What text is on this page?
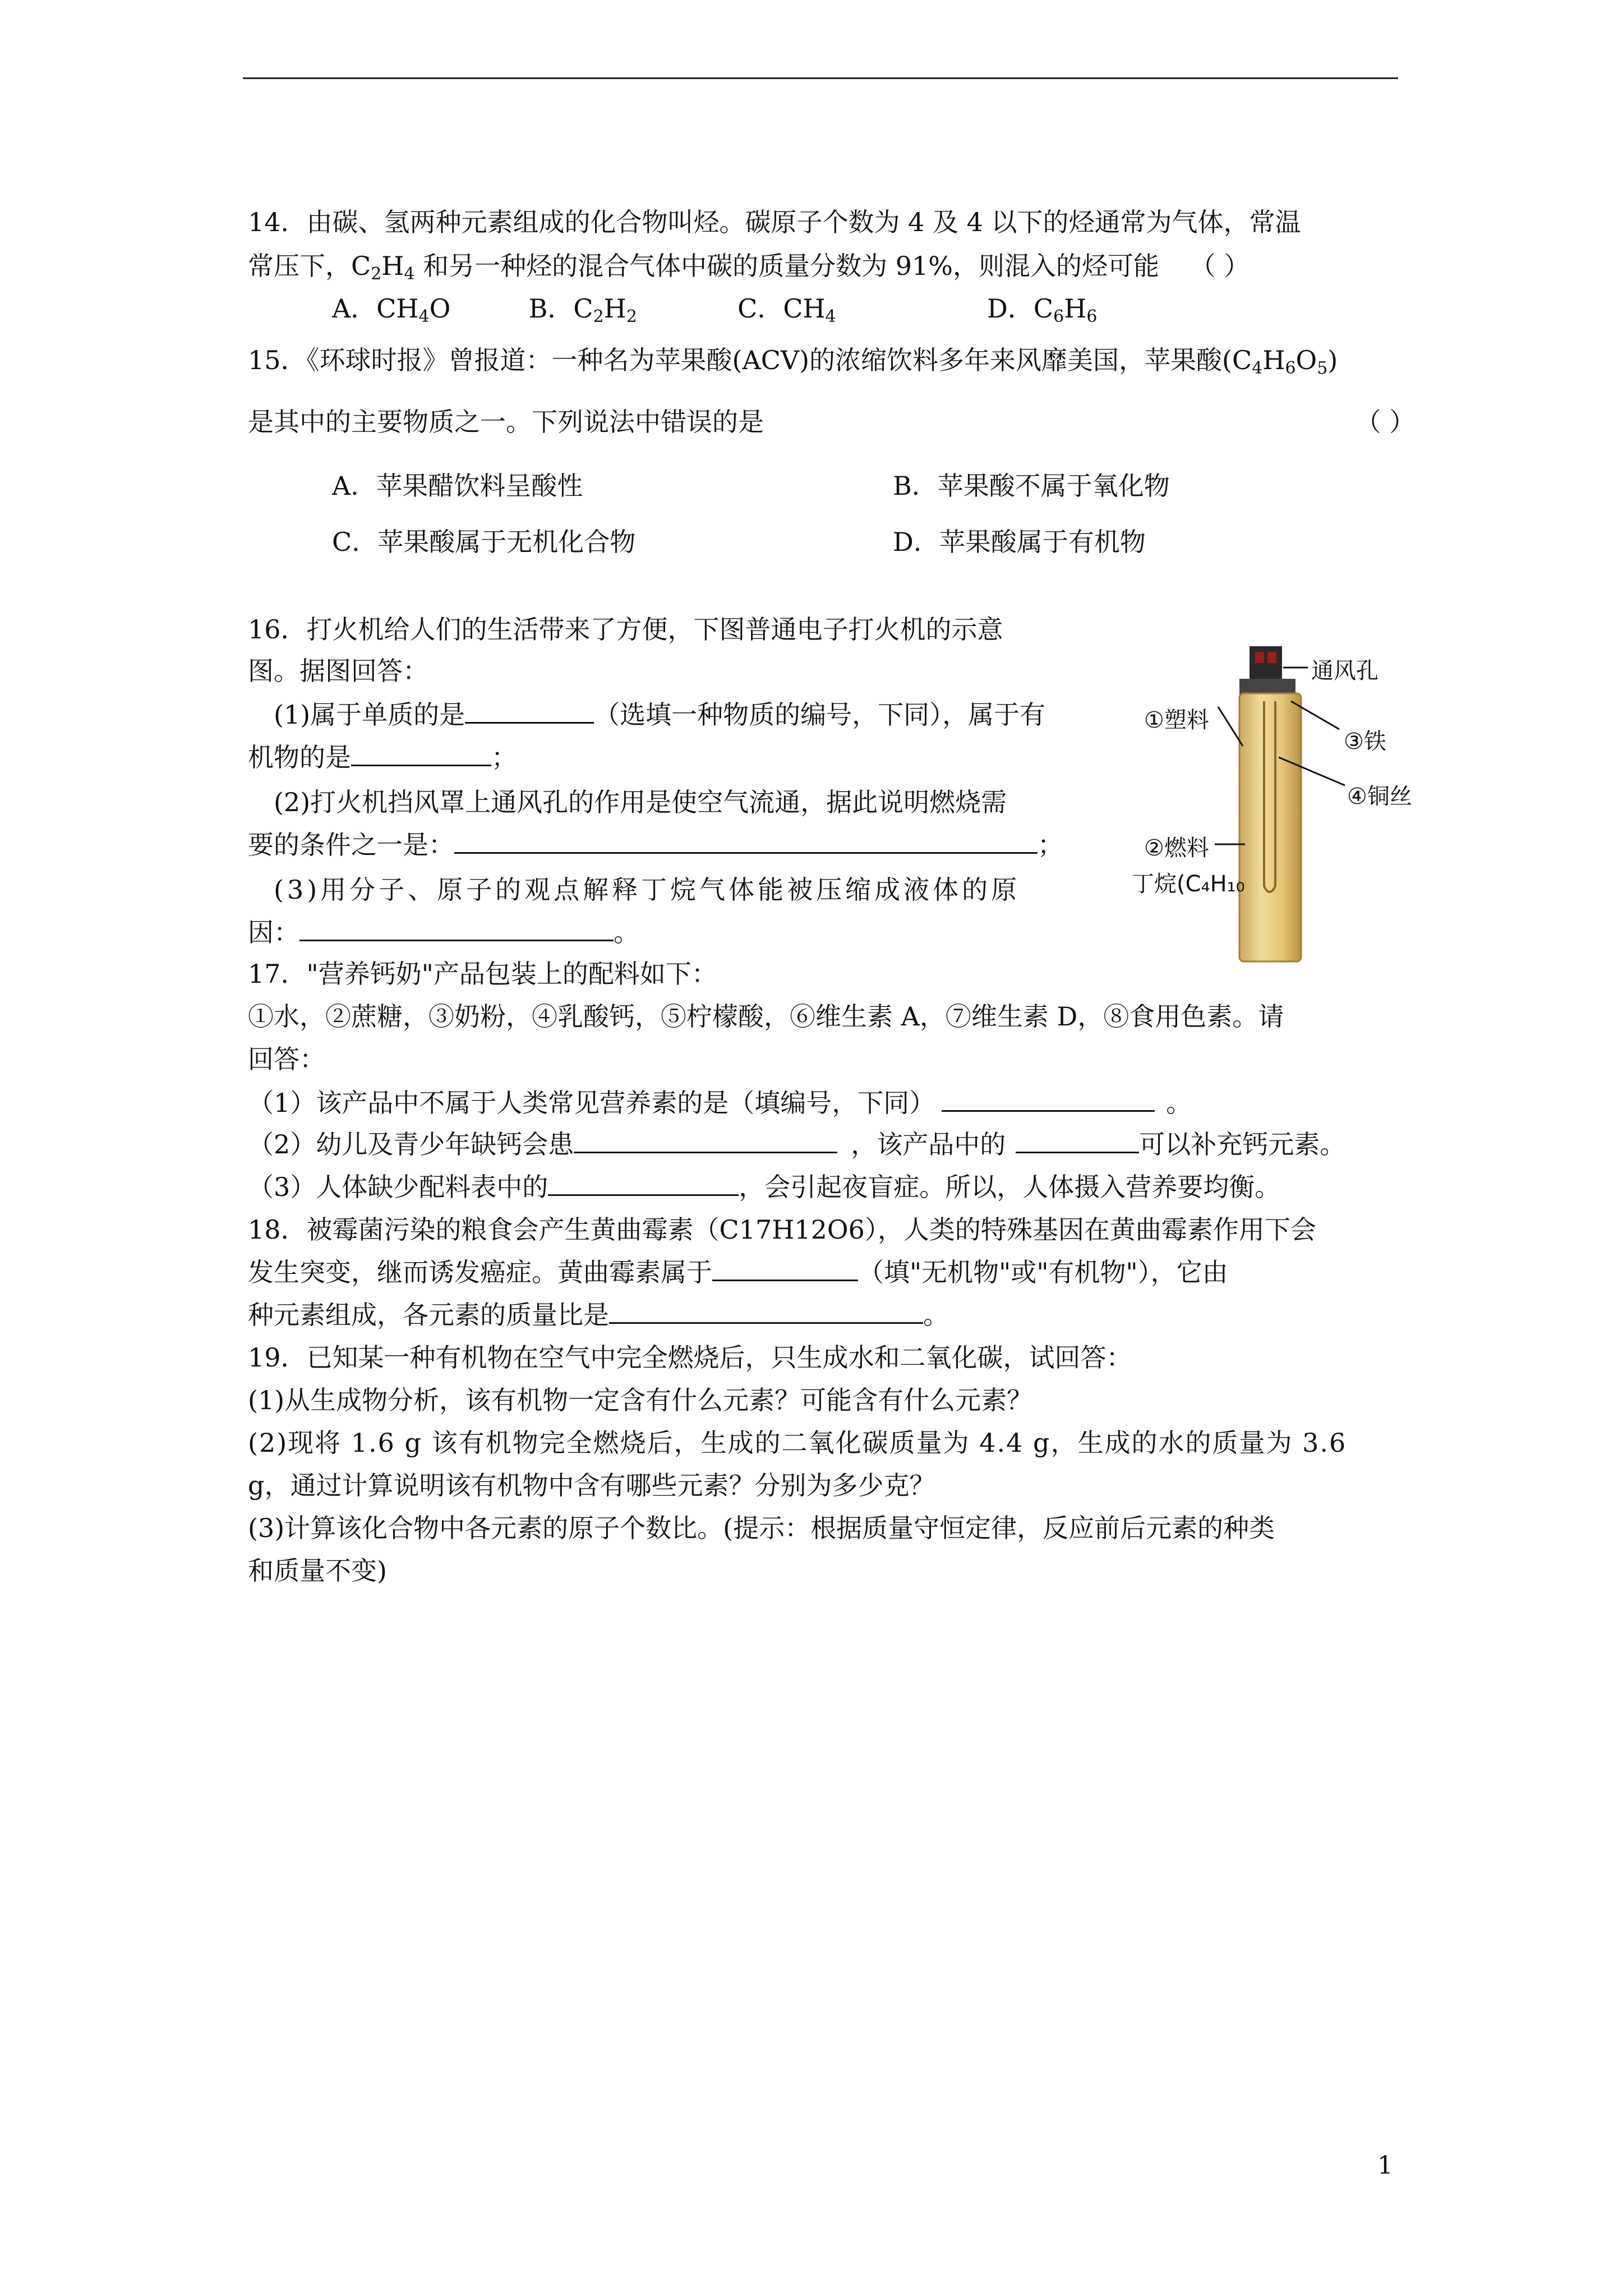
14．由碳、氢两种元素组成的化合物叫烃。碳原子个数为 4 及 4 以下的烃通常为气体，常温
常压下，$C_2H_4$ 和另一种烃的混合气体中碳的质量分数为 91%，则混入的烃可能 （ ）
A．$CH_4O$	B．$C_2H_2$	C．$CH_4$	D．$C_6H_6$
15．《环球时报》曾报道：一种名为苹果酸(ACV)的浓缩饮料多年来风靡美国，苹果酸$(C_4H_6O_5)$
是其中的主要物质之一。下列说法中错误的是	（ ）
A．苹果醋饮料呈酸性	B．苹果酸不属于氧化物
C．苹果酸属于无机化合物	D．苹果酸属于有机物
16．打火机给人们的生活带来了方便，下图普通电子打火机的示意
图。据图回答：
(1)属于单质的是	（选填一种物质的编号，下同），属于有
机物的是	；
(2)打火机挡风罩上通风孔的作用是使空气流通，据此说明燃烧需
要的条件之一是：	；
(3)用分子、原子的观点解释丁烷气体能被压缩成液体的原
因：	。
通风孔
①塑料
③铁
④铜丝
②燃料
丁烷(C₄H₁₀
17．"营养钙奶"产品包装上的配料如下：
①水，②蔗糖，③奶粉，④乳酸钙，⑤柠檬酸，⑥维生素 A，⑦维生素 D，⑧食用色素。请
回答：
（1）该产品中不属于人类常见营养素的是（填编号，下同）	。
（2）幼儿及青少年缺钙会患	，该产品中的	可以补充钙元素。
（3）人体缺少配料表中的	，会引起夜盲症。所以，人体摄入营养要均衡。
18．被霉菌污染的粮食会产生黄曲霉素（C17H12O6），人类的特殊基因在黄曲霉素作用下会
发生突变，继而诱发癌症。黄曲霉素属于	（填"无机物"或"有机物"），它由
种元素组成，各元素的质量比是	。
19．已知某一种有机物在空气中完全燃烧后，只生成水和二氧化碳，试回答：
(1)从生成物分析，该有机物一定含有什么元素？可能含有什么元素？
(2)现将 1.6 g 该有机物完全燃烧后，生成的二氧化碳质量为 4.4 g，生成的水的质量为 3.6
g，通过计算说明该有机物中含有哪些元素？分别为多少克？
(3)计算该化合物中各元素的原子个数比。(提示：根据质量守恒定律，反应前后元素的种类
和质量不变)
1
